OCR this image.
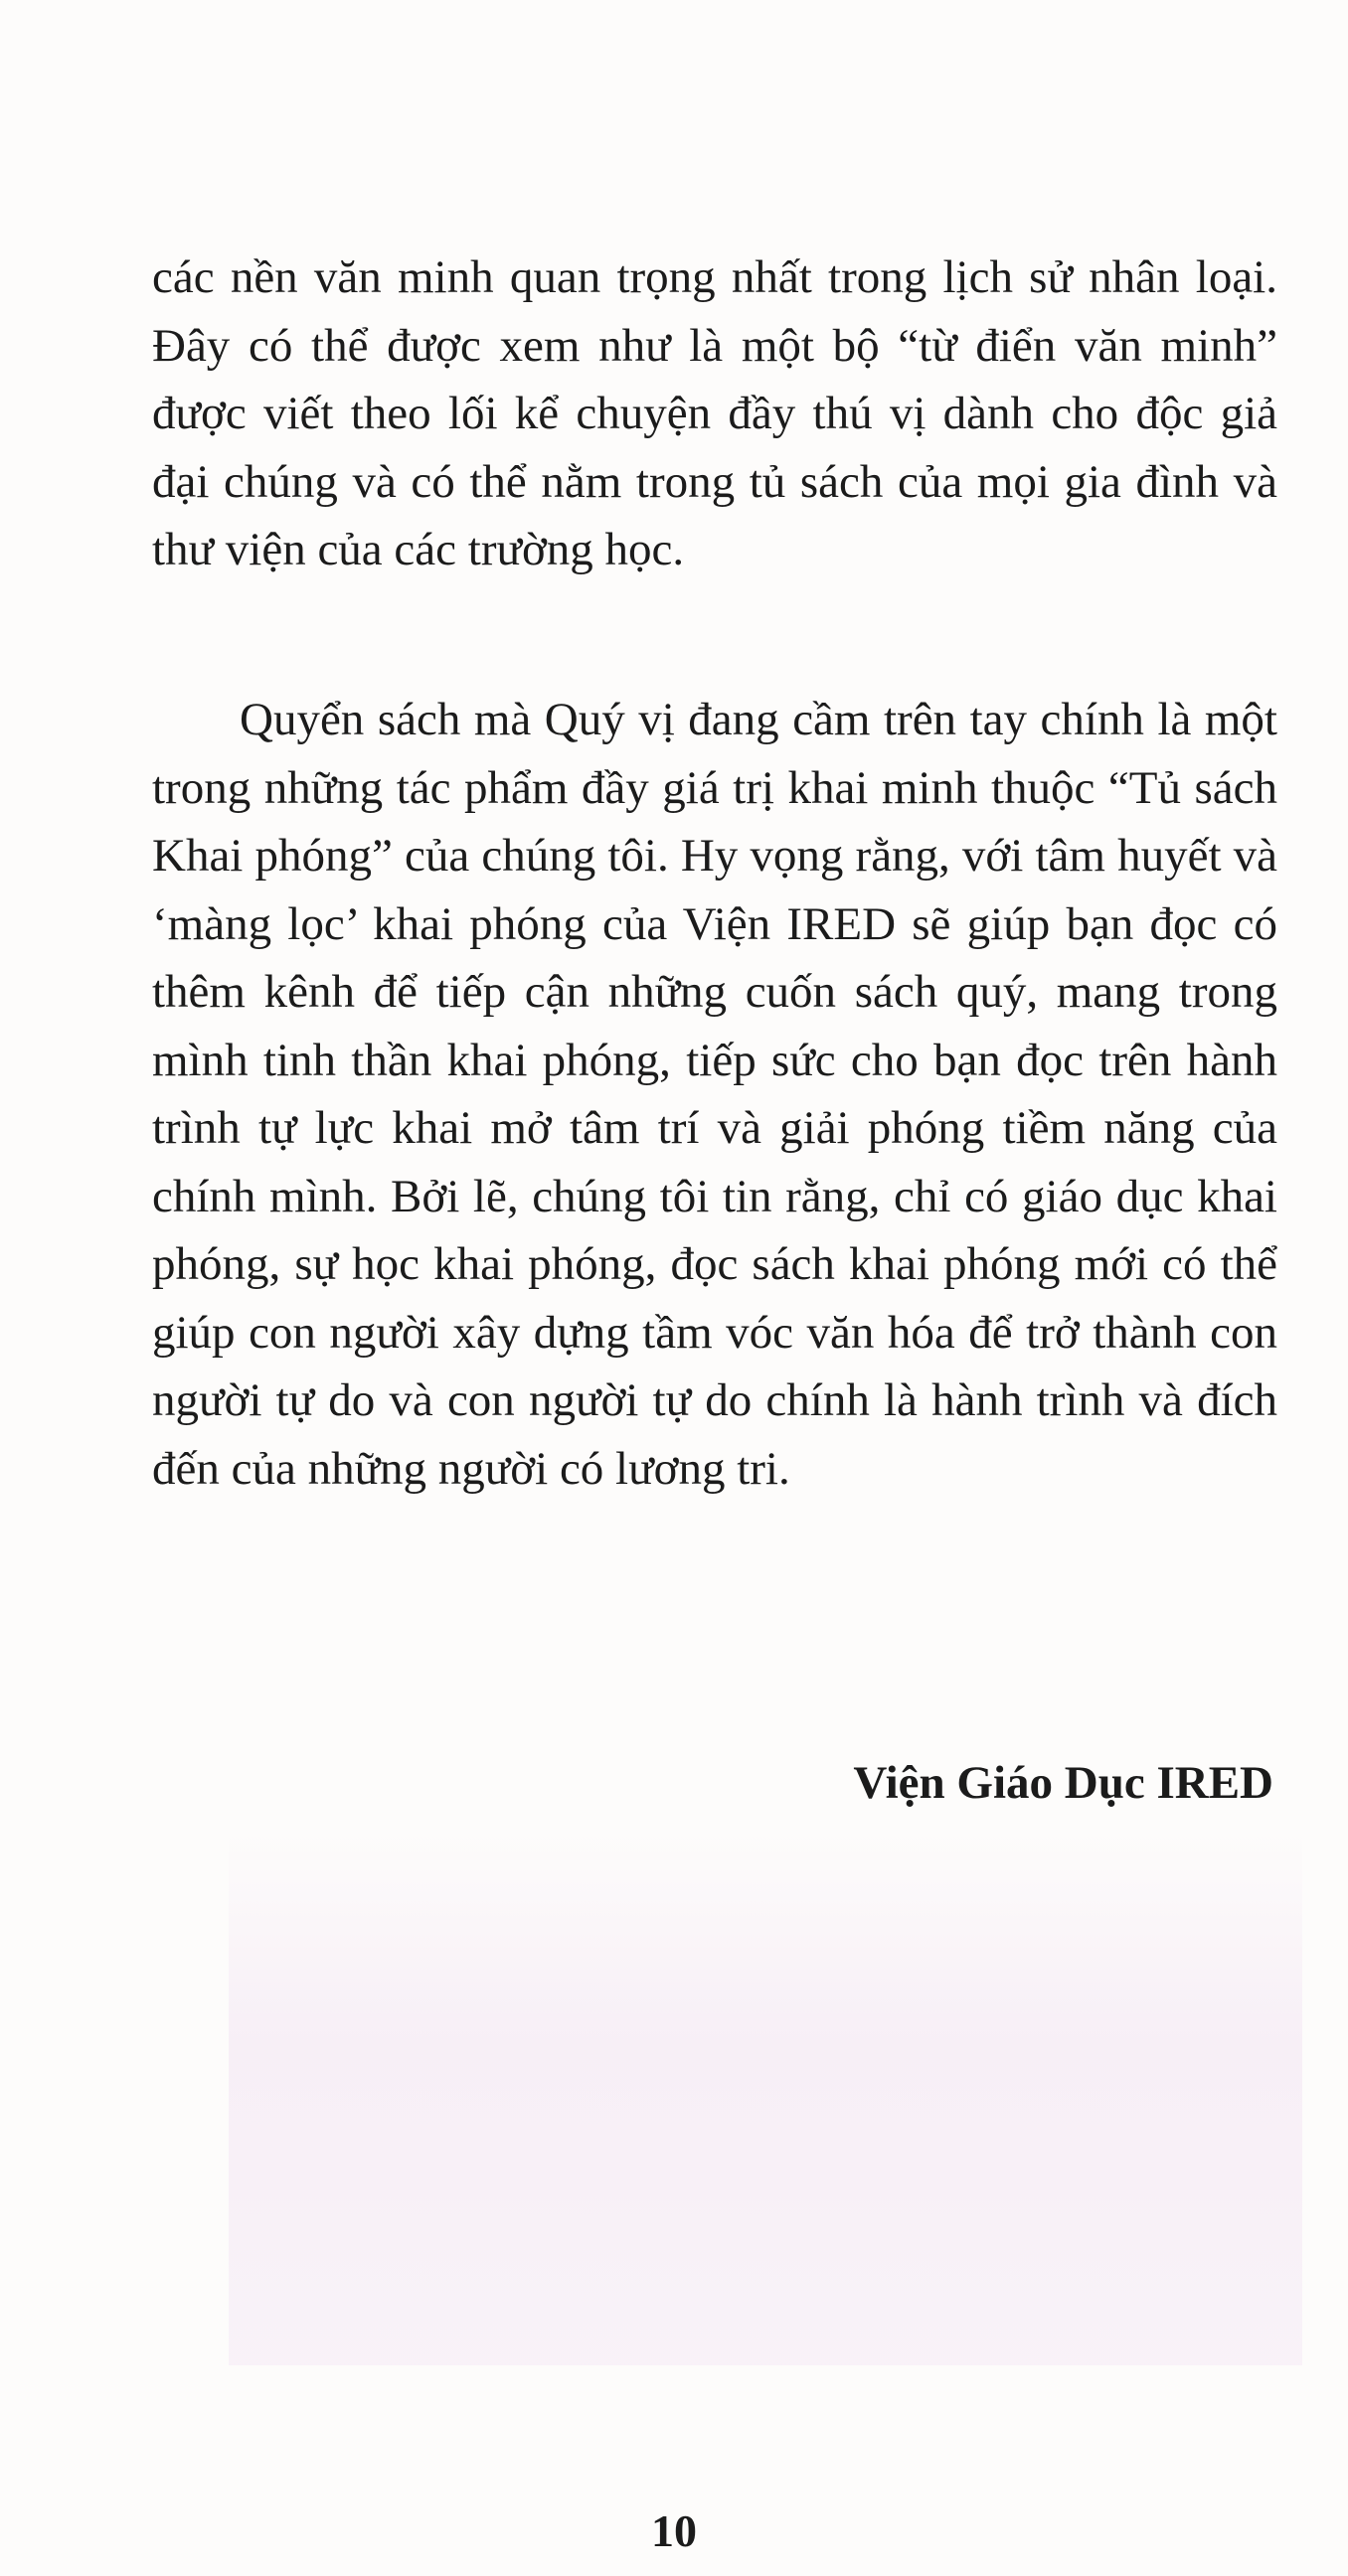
các nền văn minh quan trọng nhất trong lịch sử nhân loại. Đây có thể được xem như là một bộ “từ điển văn minh” được viết theo lối kể chuyện đầy thú vị dành cho độc giả đại chúng và có thể nằm trong tủ sách của mọi gia đình và thư viện của các trường học.

Quyển sách mà Quý vị đang cầm trên tay chính là một trong những tác phẩm đầy giá trị khai minh thuộc “Tủ sách Khai phóng” của chúng tôi. Hy vọng rằng, với tâm huyết và ‘màng lọc’ khai phóng của Viện IRED sẽ giúp bạn đọc có thêm kênh để tiếp cận những cuốn sách quý, mang trong mình tinh thần khai phóng, tiếp sức cho bạn đọc trên hành trình tự lực khai mở tâm trí và giải phóng tiềm năng của chính mình. Bởi lẽ, chúng tôi tin rằng, chỉ có giáo dục khai phóng, sự học khai phóng, đọc sách khai phóng mới có thể giúp con người xây dựng tầm vóc văn hóa để trở thành con người tự do và con người tự do chính là hành trình và đích đến của những người có lương tri.

Viện Giáo Dục IRED

10
